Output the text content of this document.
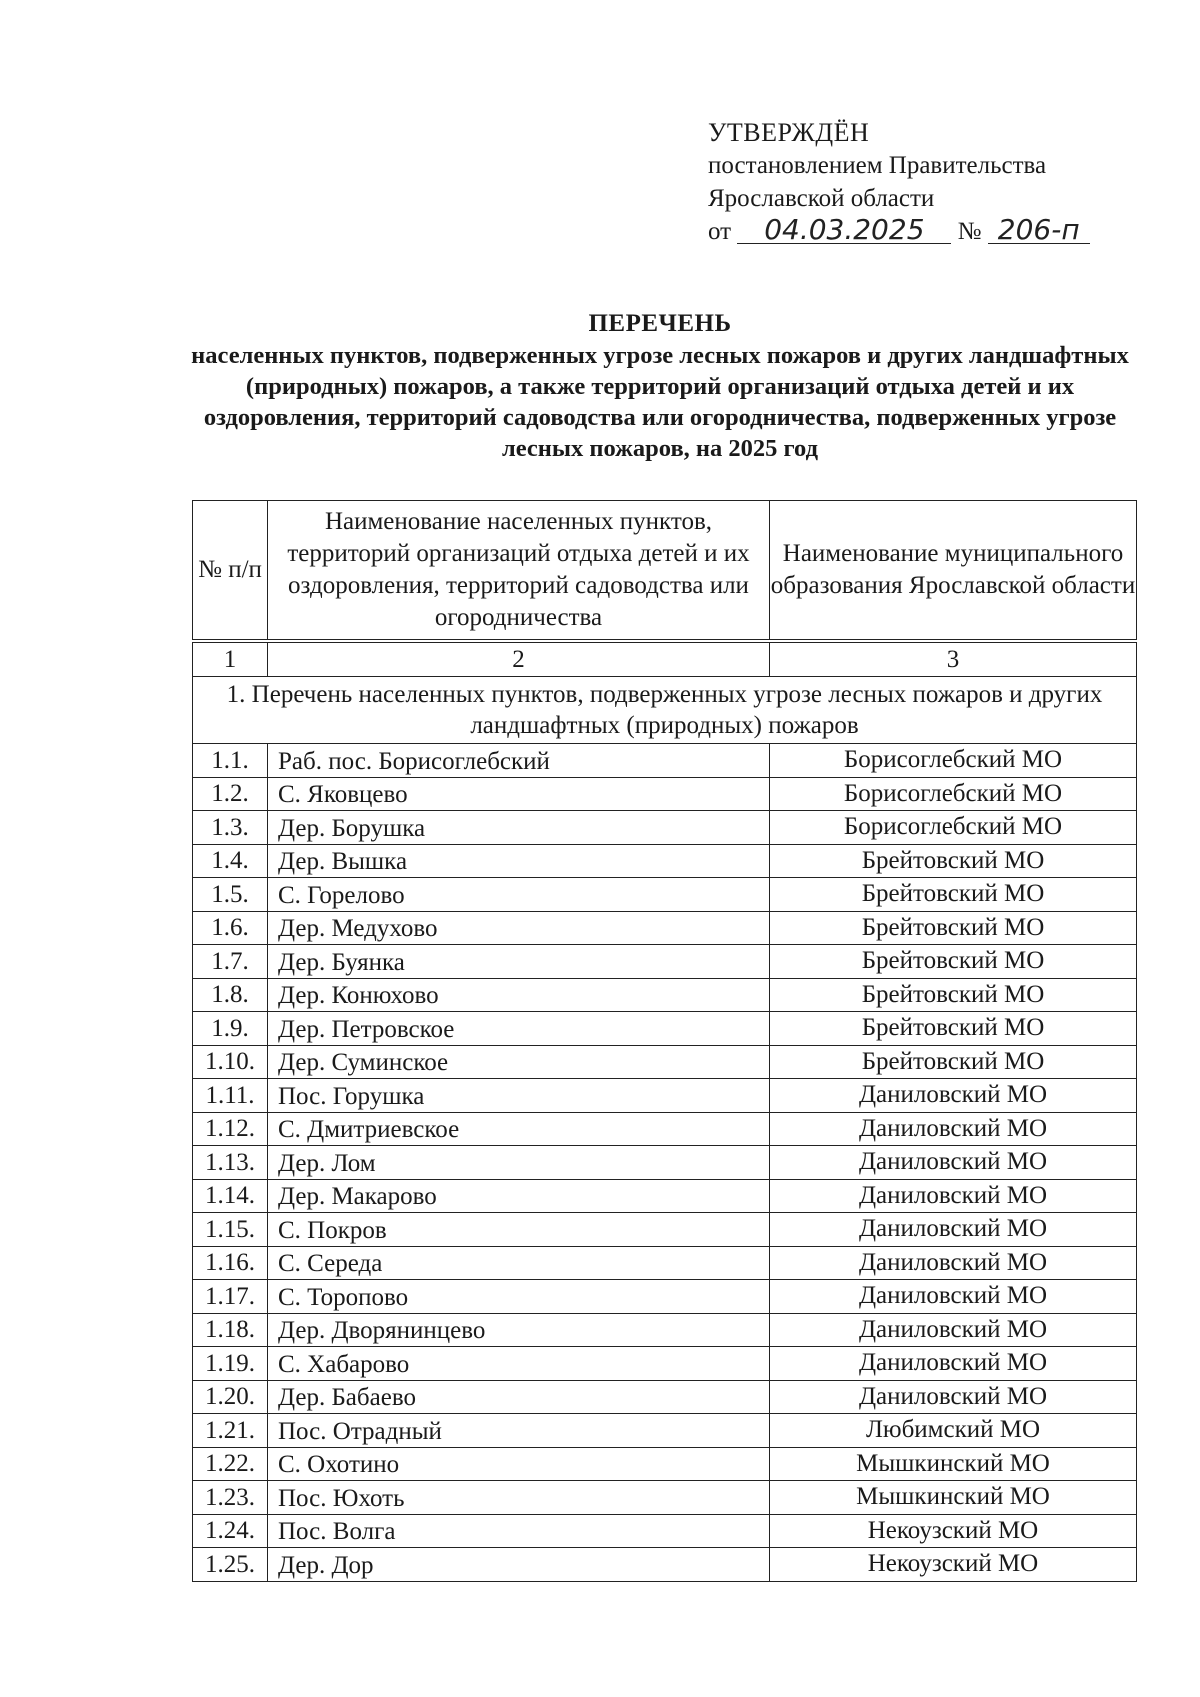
УТВЕРЖДЁН
постановлением Правительства
Ярославской области
от 04.03.2025 № 206-п
ПЕРЕЧЕНЬ
населенных пунктов, подверженных угрозе лесных пожаров и других ландшафтных (природных) пожаров, а также территорий организаций отдыха детей и их оздоровления, территорий садоводства или огородничества, подверженных угрозе лесных пожаров, на 2025 год
№ п/п	Наименование населенных пунктов, территорий организаций отдыха детей и их оздоровления, территорий садоводства или огородничества	Наименование муниципального образования Ярославской области
1	2	3
1. Перечень населенных пунктов, подверженных угрозе лесных пожаров и других ландшафтных (природных) пожаров		
1.1.	Раб. пос. Борисоглебский	Борисоглебский МО
1.2.	С. Яковцево	Борисоглебский МО
1.3.	Дер. Борушка	Борисоглебский МО
1.4.	Дер. Вышка	Брейтовский МО
1.5.	С. Горелово	Брейтовский МО
1.6.	Дер. Медухово	Брейтовский МО
1.7.	Дер. Буянка	Брейтовский МО
1.8.	Дер. Конюхово	Брейтовский МО
1.9.	Дер. Петровское	Брейтовский МО
1.10.	Дер. Суминское	Брейтовский МО
1.11.	Пос. Горушка	Даниловский МО
1.12.	С. Дмитриевское	Даниловский МО
1.13.	Дер. Лом	Даниловский МО
1.14.	Дер. Макарово	Даниловский МО
1.15.	С. Покров	Даниловский МО
1.16.	С. Середа	Даниловский МО
1.17.	С. Торопово	Даниловский МО
1.18.	Дер. Дворянинцево	Даниловский МО
1.19.	С. Хабарово	Даниловский МО
1.20.	Дер. Бабаево	Даниловский МО
1.21.	Пос. Отрадный	Любимский МО
1.22.	С. Охотино	Мышкинский МО
1.23.	Пос. Юхоть	Мышкинский МО
1.24.	Пос. Волга	Некоузский МО
1.25.	Дер. Дор	Некоузский МО
